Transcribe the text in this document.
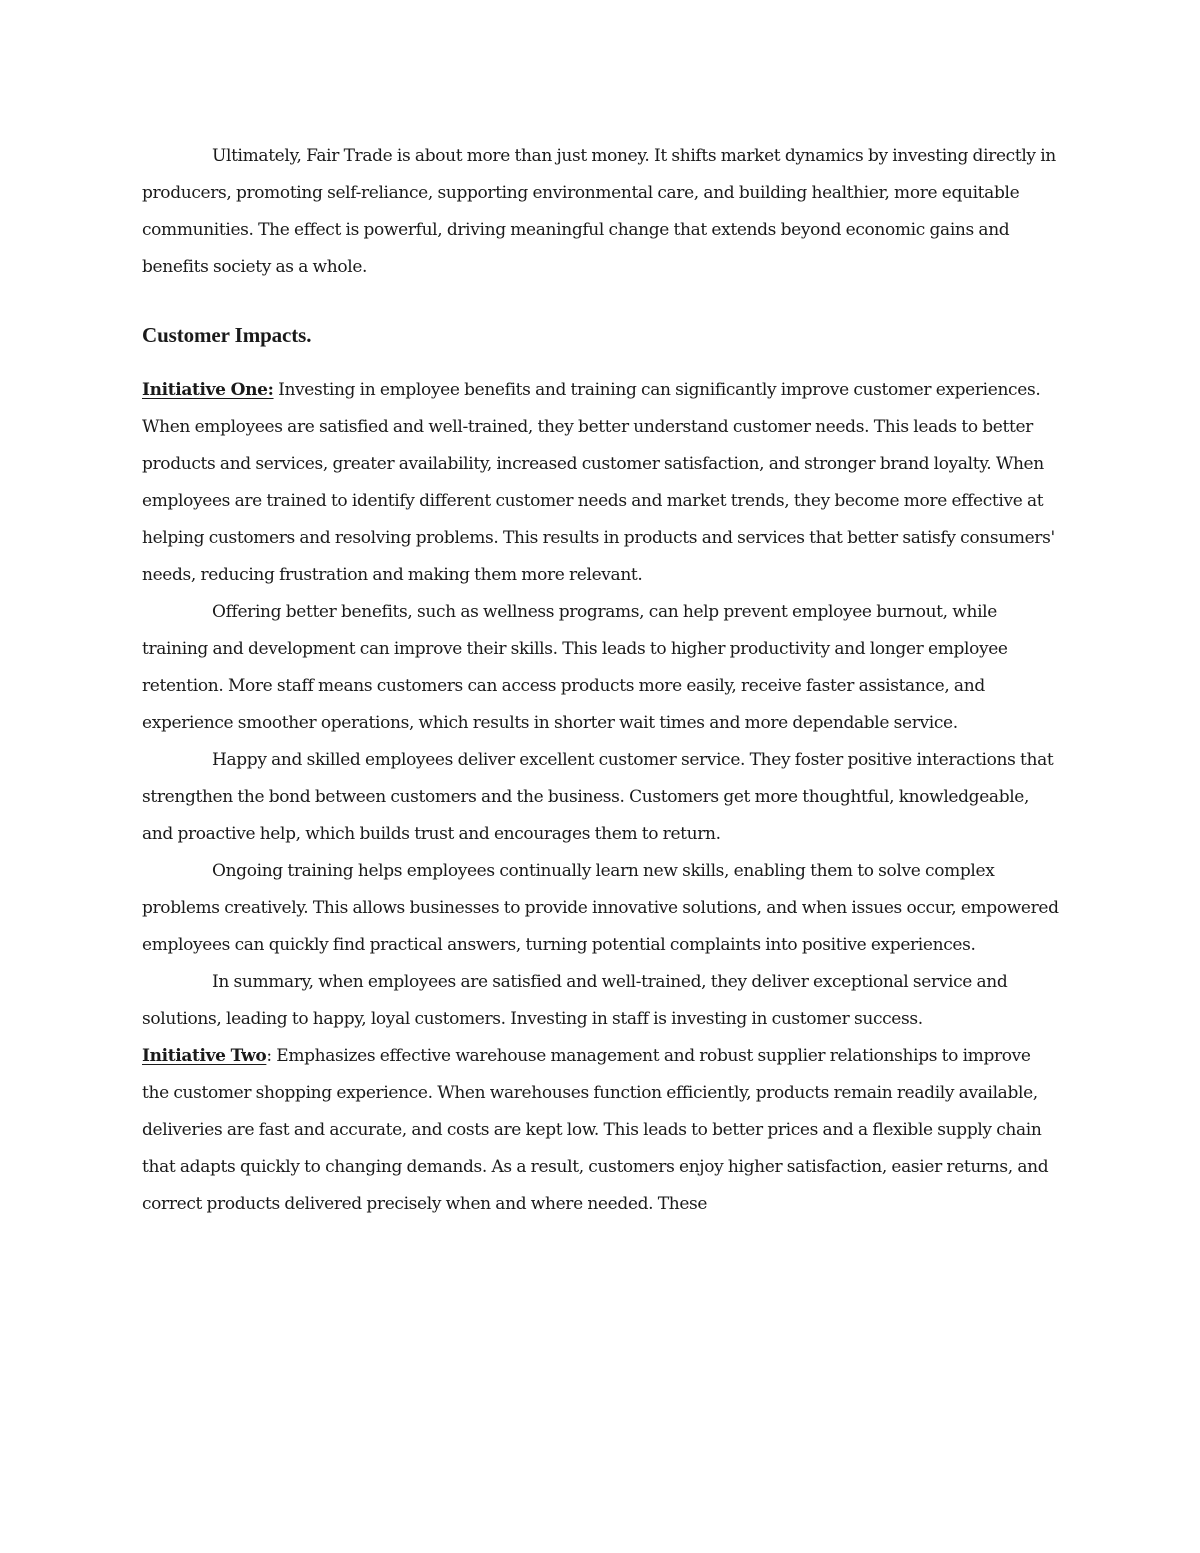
Ultimately, Fair Trade is about more than just money. It shifts market dynamics by investing directly in producers, promoting self-reliance, supporting environmental care, and building healthier, more equitable communities. The effect is powerful, driving meaningful change that extends beyond economic gains and benefits society as a whole.

Customer Impacts.

Initiative One: Investing in employee benefits and training can significantly improve customer experiences. When employees are satisfied and well-trained, they better understand customer needs. This leads to better products and services, greater availability, increased customer satisfaction, and stronger brand loyalty. When employees are trained to identify different customer needs and market trends, they become more effective at helping customers and resolving problems. This results in products and services that better satisfy consumers' needs, reducing frustration and making them more relevant.

Offering better benefits, such as wellness programs, can help prevent employee burnout, while training and development can improve their skills. This leads to higher productivity and longer employee retention. More staff means customers can access products more easily, receive faster assistance, and experience smoother operations, which results in shorter wait times and more dependable service.

Happy and skilled employees deliver excellent customer service. They foster positive interactions that strengthen the bond between customers and the business. Customers get more thoughtful, knowledgeable, and proactive help, which builds trust and encourages them to return.

Ongoing training helps employees continually learn new skills, enabling them to solve complex problems creatively. This allows businesses to provide innovative solutions, and when issues occur, empowered employees can quickly find practical answers, turning potential complaints into positive experiences.

In summary, when employees are satisfied and well-trained, they deliver exceptional service and solutions, leading to happy, loyal customers. Investing in staff is investing in customer success.

Initiative Two: Emphasizes effective warehouse management and robust supplier relationships to improve the customer shopping experience. When warehouses function efficiently, products remain readily available, deliveries are fast and accurate, and costs are kept low. This leads to better prices and a flexible supply chain that adapts quickly to changing demands. As a result, customers enjoy higher satisfaction, easier returns, and correct products delivered precisely when and where needed. These
